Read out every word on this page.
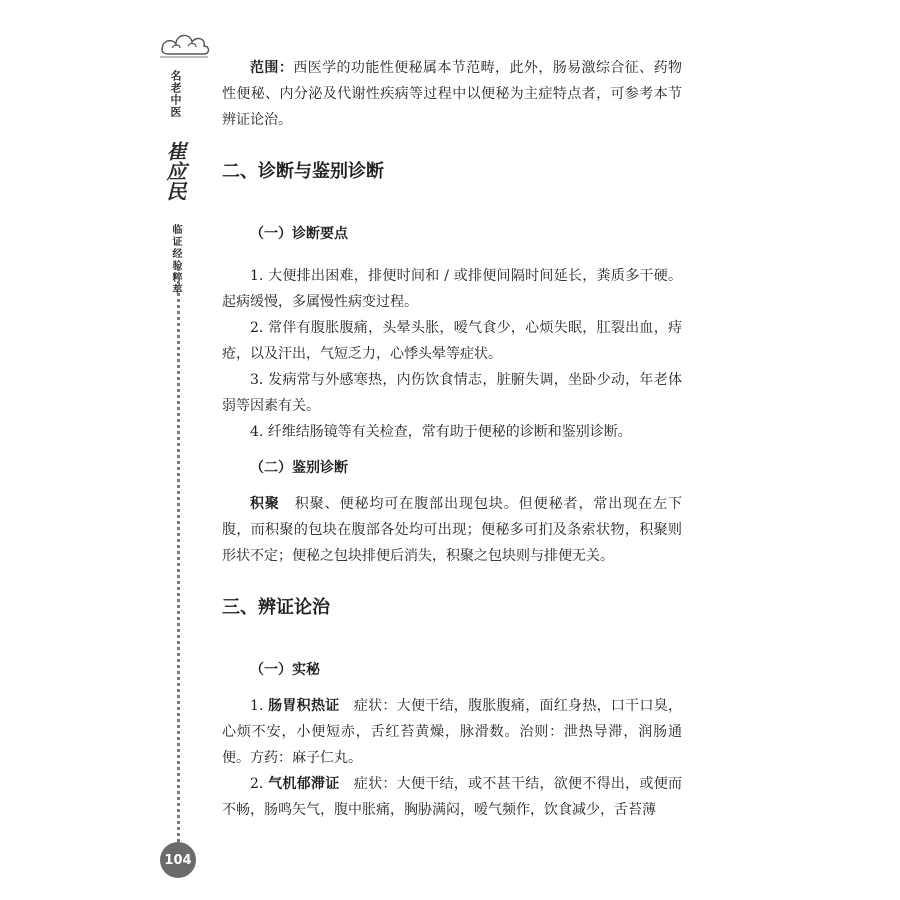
名老中医 崔应民 临证经验粹萃
104

范围：西医学的功能性便秘属本节范畴，此外，肠易激综合征、药物性便秘、内分泌及代谢性疾病等过程中以便秘为主症特点者，可参考本节辨证论治。

二、诊断与鉴别诊断
（一）诊断要点

1. 大便排出困难，排便时间和 / 或排便间隔时间延长，粪质多干硬。起病缓慢，多属慢性病变过程。

2. 常伴有腹胀腹痛，头晕头胀，嗳气食少，心烦失眠，肛裂出血，痔疮，以及汗出，气短乏力，心悸头晕等症状。

3. 发病常与外感寒热，内伤饮食情志，脏腑失调，坐卧少动，年老体弱等因素有关。

4. 纤维结肠镜等有关检查，常有助于便秘的诊断和鉴别诊断。

（二）鉴别诊断

积聚　 积聚、便秘均可在腹部出现包块。但便秘者，常出现在左下腹，而积聚的包块在腹部各处均可出现；便秘多可扪及条索状物，积聚则形状不定；便秘之包块排便后消失，积聚之包块则与排便无关。

三、辨证论治
（一）实秘

1. 肠胃积热证　 症状：大便干结，腹胀腹痛，面红身热，口干口臭，心烦不安，小便短赤，舌红苔黄燥，脉滑数。治则：泄热导滞，润肠通便。方药：麻子仁丸。

2. 气机郁滞证　 症状：大便干结，或不甚干结，欲便不得出，或便而不畅，肠鸣矢气，腹中胀痛，胸胁满闷，嗳气频作，饮食减少，舌苔薄
